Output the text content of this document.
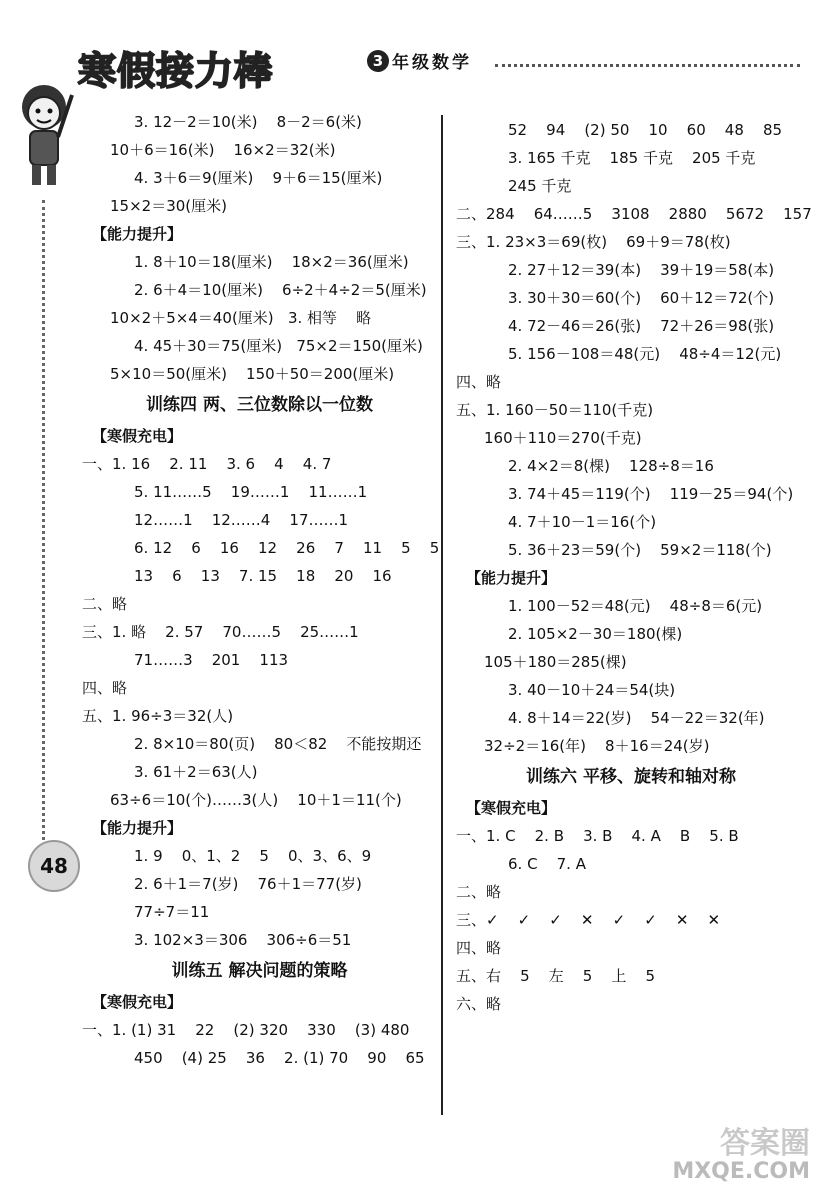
寒假接力棒	3 年级数学
48
3. 12－2＝10(米)    8－2＝6(米)
10＋6＝16(米)    16×2＝32(米)
4. 3＋6＝9(厘米)    9＋6＝15(厘米)
15×2＝30(厘米)
【能力提升】
1. 8＋10＝18(厘米)    18×2＝36(厘米)
2. 6＋4＝10(厘米)    6÷2＋4÷2＝5(厘米)
10×2＋5×4＝40(厘米)   3. 相等    略
4. 45＋30＝75(厘米)   75×2＝150(厘米)
5×10＝50(厘米)    150＋50＝200(厘米)
训练四 两、三位数除以一位数
【寒假充电】
一、1. 16    2. 11    3. 6    4    4. 7
5. 11……5    19……1    11……1
12……1    12……4    17……1
6. 12    6    16    12    26    7    11    5    5
13    6    13    7. 15    18    20    16
二、略
三、1. 略    2. 57    70……5    25……1
71……3    201    113
四、略
五、1. 96÷3＝32(人)
2. 8×10＝80(页)    80＜82    不能按期还
3. 61＋2＝63(人)
63÷6＝10(个)……3(人)    10＋1＝11(个)
【能力提升】
1. 9    0、1、2    5    0、3、6、9
2. 6＋1＝7(岁)    76＋1＝77(岁)
77÷7＝11
3. 102×3＝306    306÷6＝51
训练五 解决问题的策略
【寒假充电】
一、1. (1) 31    22    (2) 320    330    (3) 480
450    (4) 25    36    2. (1) 70    90    65
52    94    (2) 50    10    60    48    85
3. 165 千克    185 千克    205 千克
245 千克
二、284    64……5    3108    2880    5672    157
三、1. 23×3＝69(枚)    69＋9＝78(枚)
2. 27＋12＝39(本)    39＋19＝58(本)
3. 30＋30＝60(个)    60＋12＝72(个)
4. 72－46＝26(张)    72＋26＝98(张)
5. 156－108＝48(元)    48÷4＝12(元)
四、略
五、1. 160－50＝110(千克)
160＋110＝270(千克)
2. 4×2＝8(棵)    128÷8＝16
3. 74＋45＝119(个)    119－25＝94(个)
4. 7＋10－1＝16(个)
5. 36＋23＝59(个)    59×2＝118(个)
【能力提升】
1. 100－52＝48(元)    48÷8＝6(元)
2. 105×2－30＝180(棵)
105＋180＝285(棵)
3. 40－10＋24＝54(块)
4. 8＋14＝22(岁)    54－22＝32(年)
32÷2＝16(年)    8＋16＝24(岁)
训练六 平移、旋转和轴对称
【寒假充电】
一、1. C    2. B    3. B    4. A    B    5. B
6. C    7. A
二、略
三、✓    ✓    ✓    ✕    ✓    ✓    ✕    ✕
四、略
五、右    5    左    5    上    5
六、略
答案圈
MXQE.COM
